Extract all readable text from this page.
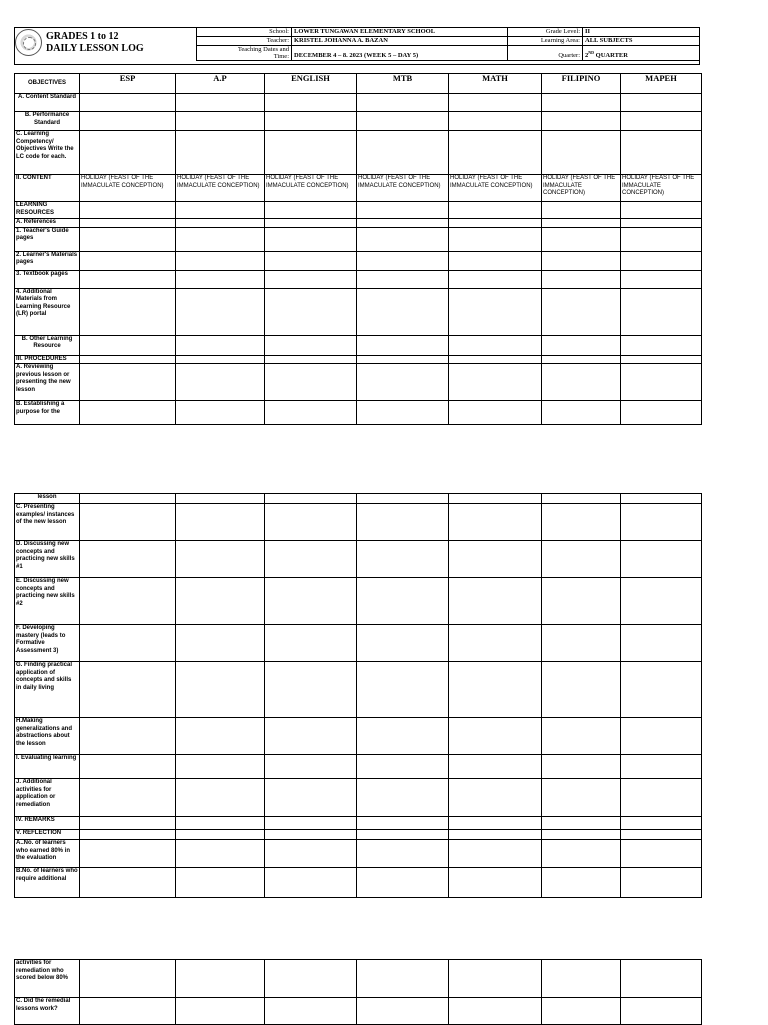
GRADES 1 to 12
DAILY LESSON LOG
School:	LOWER TUNGAWAN ELEMENTARY SCHOOL	Grade Level:	II
Teacher:	KRISTEL JOHANNA A. BAZAN	Learning Area:	ALL SUBJECTS

Teaching Dates and
Time:	DECEMBER 4 – 8. 2023 (WEEK 5 – DAY 5)	Quarter:	2ND QUARTER
OBJECTIVES	ESP	A.P	ENGLISH	MTB	MATH	FILIPINO	MAPEH
A. Content Standard							
B. Performance Standard							
C. Learning Competency/ Objectives Write the LC code for each.							
II. CONTENT	HOLIDAY (FEAST OF THE IMMACULATE CONCEPTION)	HOLIDAY (FEAST OF THE IMMACULATE CONCEPTION)	HOLIDAY (FEAST OF THE IMMACULATE CONCEPTION)	HOLIDAY (FEAST OF THE IMMACULATE CONCEPTION)	HOLIDAY (FEAST OF THE IMMACULATE CONCEPTION)	HOLIDAY (FEAST OF THE IMMACULATE CONCEPTION)	HOLIDAY (FEAST OF THE IMMACULATE CONCEPTION)
LEARNING RESOURCES							
A. References							
1. Teacher's Guide pages							
2. Learner's Materials pages							
3. Textbook pages							
4. Additional Materials from Learning Resource (LR) portal							
B. Other Learning Resource							
III. PROCEDURES							
A. Reviewing previous lesson or presenting the new lesson							
B. Establishing a purpose for the							
lesson							
C. Presenting examples/ instances of the new lesson							
D. Discussing new concepts and practicing new skills #1							
E. Discussing new concepts and practicing new skills #2							
F. Developing mastery (leads to Formative Assessment 3)							
G. Finding practical application of concepts and skills in daily living							
H.Making generalizations and abstractions about the lesson							
I. Evaluating learning							
J. Additional activities for application or remediation							
IV. REMARKS							
V. REFLECTION							
A..No. of learners who earned 80% in the evaluation							
B.No. of learners who require additional							
activities for remediation who scored below 80%							
C. Did the remedial lessons work?							
